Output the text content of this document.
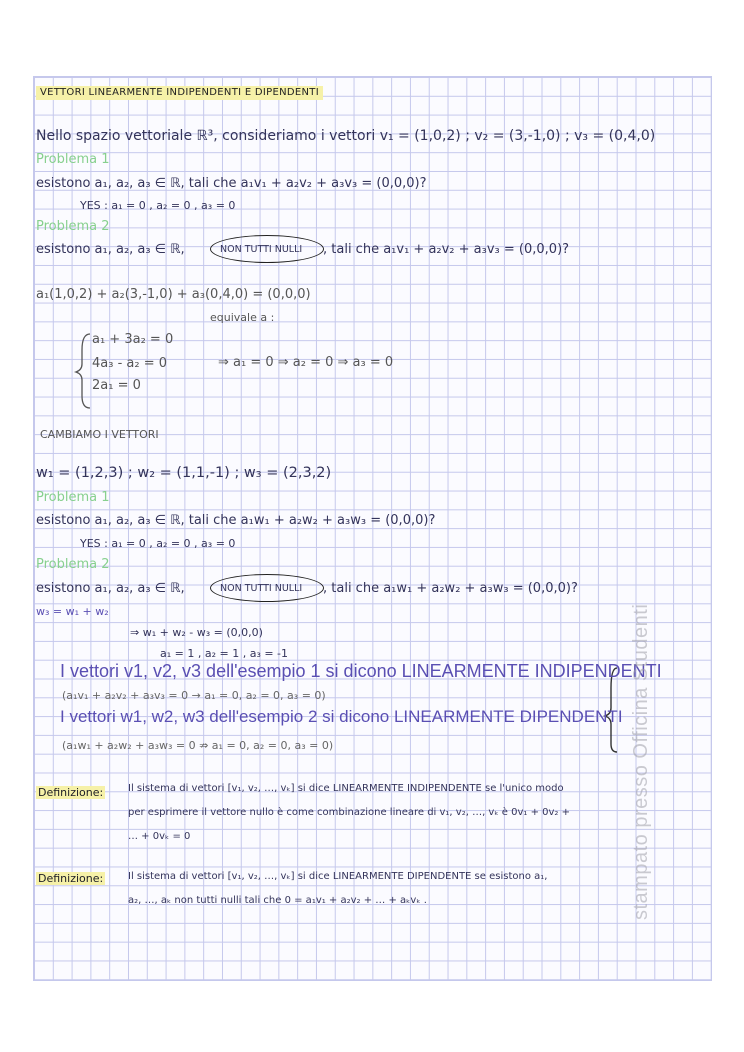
VETTORI LINEARMENTE INDIPENDENTI E DIPENDENTI
Nello spazio vettoriale ℝ³, consideriamo i vettori v₁ = (1,0,2) ; v₂ = (3,-1,0) ; v₃ = (0,4,0)
Problema 1
esistono a₁, a₂, a₃ ∈ ℝ, tali che a₁v₁ + a₂v₂ + a₃v₃ = (0,0,0)?
YES : a₁ = 0 , a₂ = 0 , a₃ = 0
Problema 2
esistono a₁, a₂, a₃ ∈ ℝ,	NON TUTTI NULLI , tali che a₁v₁ + a₂v₂ + a₃v₃ = (0,0,0)?
a₁(1,0,2) + a₂(3,-1,0) + a₃(0,4,0) = (0,0,0)
equivale a :
a₁ + 3a₂ = 0
4a₃ - a₂ = 0
2a₁ = 0
⇒ a₁ = 0 ⇒ a₂ = 0 ⇒ a₃ = 0
CAMBIAMO I VETTORI
w₁ = (1,2,3) ; w₂ = (1,1,-1) ; w₃ = (2,3,2)
Problema 1
esistono a₁, a₂, a₃ ∈ ℝ, tali che a₁w₁ + a₂w₂ + a₃w₃ = (0,0,0)?
YES : a₁ = 0 , a₂ = 0 , a₃ = 0
Problema 2
esistono a₁, a₂, a₃ ∈ ℝ,	NON TUTTI NULLI , tali che a₁w₁ + a₂w₂ + a₃w₃ = (0,0,0)?
w₃ = w₁ + w₂
⇒ w₁ + w₂ - w₃ = (0,0,0)
a₁ = 1 , a₂ = 1 , a₃ = -1
I vettori v1, v2, v3 dell'esempio 1 si dicono LINEARMENTE INDIPENDENTI
(a₁v₁ + a₂v₂ + a₃v₃ = 0 → a₁ = 0, a₂ = 0, a₃ = 0)
I vettori w1, w2, w3 dell'esempio 2 si dicono LINEARMENTE DIPENDENTI
(a₁w₁ + a₂w₂ + a₃w₃ = 0 ⇏ a₁ = 0, a₂ = 0, a₃ = 0)
Definizione: Il sistema di vettori [v₁, v₂, …, vₖ] si dice LINEARMENTE INDIPENDENTE se l'unico modo
per esprimere il vettore nullo è come combinazione lineare di v₁, v₂, …, vₖ è 0v₁ + 0v₂ +
… + 0vₖ = 0
Definizione: Il sistema di vettori [v₁, v₂, …, vₖ] si dice LINEARMENTE DIPENDENTE se esistono a₁,
a₂, …, aₖ non tutti nulli tali che 0 = a₁v₁ + a₂v₂ + … + aₖvₖ .	stampato presso Officina Studenti
